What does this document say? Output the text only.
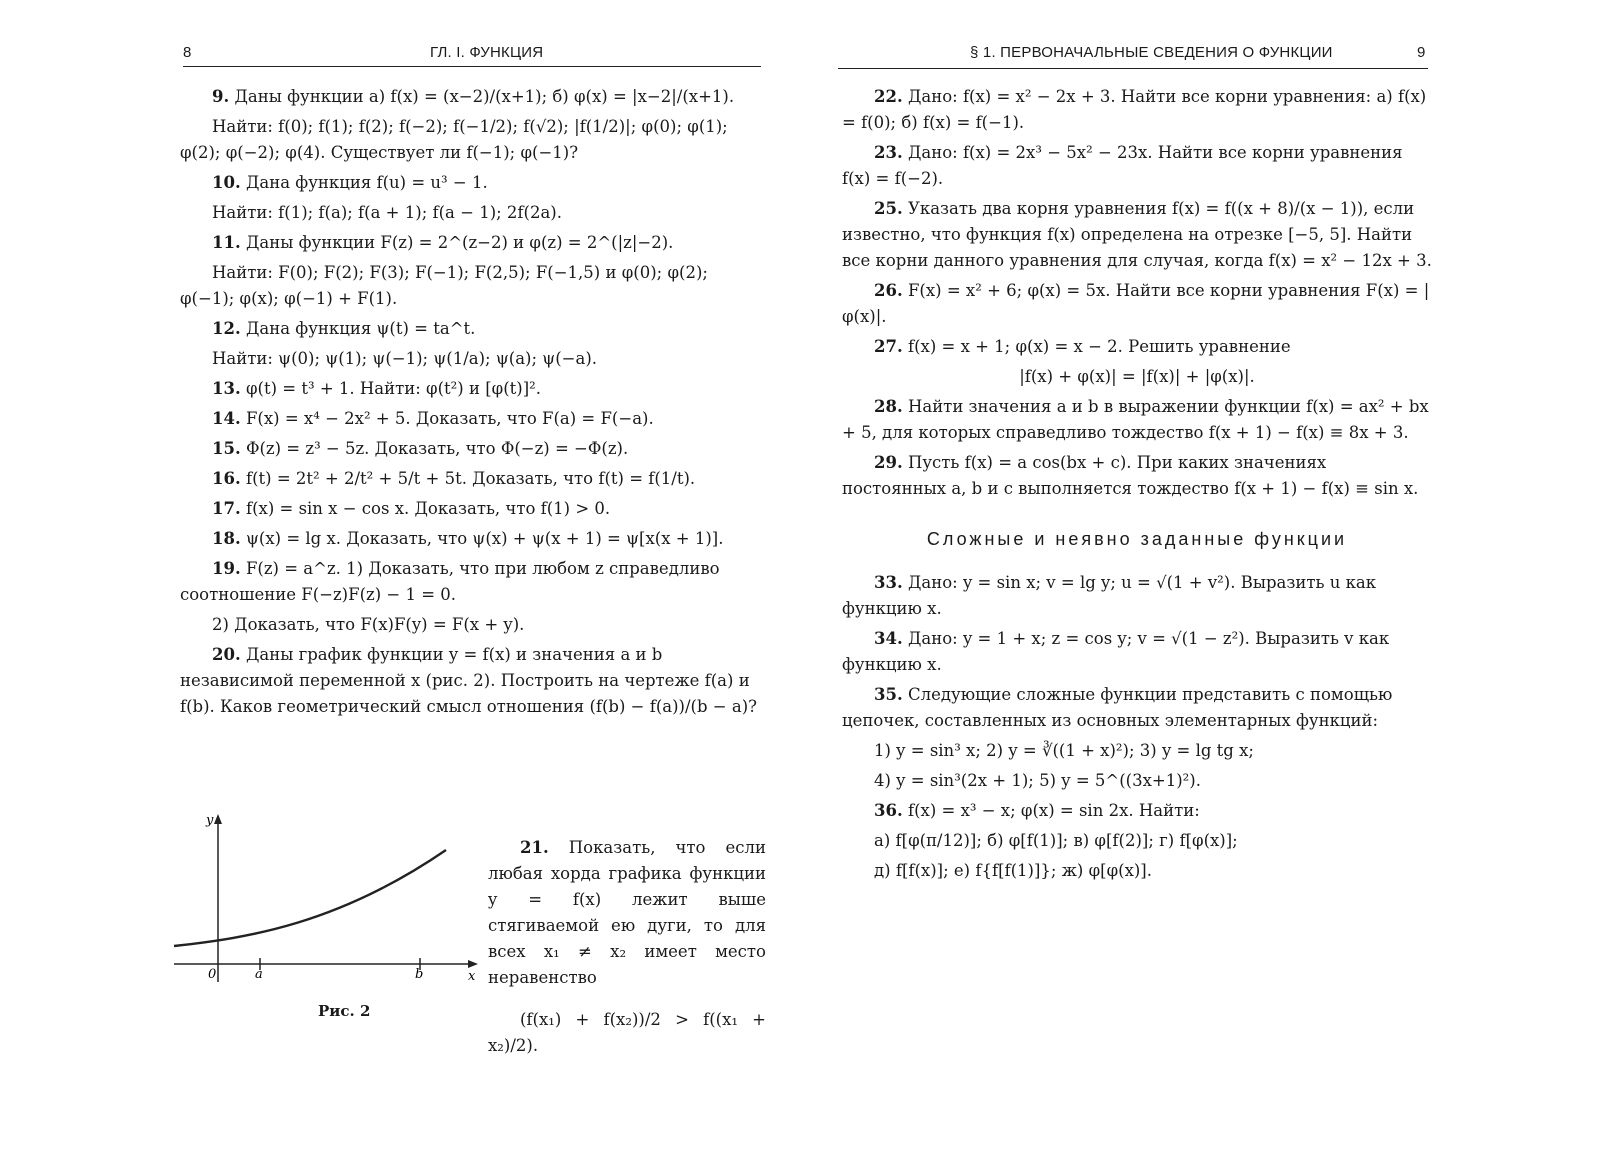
8	ГЛ. I. ФУНКЦИЯ

9. Даны функции а) f(x) = (x−2)/(x+1); б) φ(x) = |x−2|/(x+1).

Найти: f(0); f(1); f(2); f(−2); f(−1/2); f(√2); |f(1/2)|; φ(0); φ(1); φ(2); φ(−2); φ(4). Существует ли f(−1); φ(−1)?

10. Дана функция f(u) = u³ − 1.

Найти: f(1); f(a); f(a + 1); f(a − 1); 2f(2a).

11. Даны функции F(z) = 2^(z−2) и φ(z) = 2^(|z|−2).

Найти: F(0); F(2); F(3); F(−1); F(2,5); F(−1,5) и φ(0); φ(2); φ(−1); φ(x); φ(−1) + F(1).

12. Дана функция ψ(t) = ta^t.

Найти: ψ(0); ψ(1); ψ(−1); ψ(1/a); ψ(a); ψ(−a).

13. φ(t) = t³ + 1. Найти: φ(t²) и [φ(t)]².

14. F(x) = x⁴ − 2x² + 5. Доказать, что F(a) = F(−a).

15. Φ(z) = z³ − 5z. Доказать, что Φ(−z) = −Φ(z).

16. f(t) = 2t² + 2/t² + 5/t + 5t. Доказать, что f(t) = f(1/t).

17. f(x) = sin x − cos x. Доказать, что f(1) > 0.

18. ψ(x) = lg x. Доказать, что ψ(x) + ψ(x + 1) = ψ[x(x + 1)].

19. F(z) = a^z. 1) Доказать, что при любом z справедливо соотношение F(−z)F(z) − 1 = 0.

2) Доказать, что F(x)F(y) = F(x + y).

20. Даны график функции y = f(x) и значения a и b независимой переменной x (рис. 2). Построить на чертеже f(a) и f(b). Каков геометрический смысл отношения (f(b) − f(a))/(b − a)?

y
0	a	b	x
Рис. 2

21. Показать, что если любая хорда графика функции y = f(x) лежит выше стягиваемой ею дуги, то для всех x₁ ≠ x₂ имеет место неравенство

(f(x₁) + f(x₂))/2 > f((x₁ + x₂)/2).

§ 1. ПЕРВОНАЧАЛЬНЫЕ СВЕДЕНИЯ О ФУНКЦИИ	9

22. Дано: f(x) = x² − 2x + 3. Найти все корни уравнения: а) f(x) = f(0); б) f(x) = f(−1).

23. Дано: f(x) = 2x³ − 5x² − 23x. Найти все корни уравнения f(x) = f(−2).

25. Указать два корня уравнения f(x) = f((x + 8)/(x − 1)), если известно, что функция f(x) определена на отрезке [−5, 5]. Найти все корни данного уравнения для случая, когда f(x) = x² − 12x + 3.

26. F(x) = x² + 6; φ(x) = 5x. Найти все корни уравнения F(x) = |φ(x)|.

27. f(x) = x + 1; φ(x) = x − 2. Решить уравнение

|f(x) + φ(x)| = |f(x)| + |φ(x)|.

28. Найти значения a и b в выражении функции f(x) = ax² + bx + 5, для которых справедливо тождество f(x + 1) − f(x) ≡ 8x + 3.

29. Пусть f(x) = a cos(bx + c). При каких значениях постоянных a, b и c выполняется тождество f(x + 1) − f(x) ≡ sin x.

Сложные и неявно заданные функции

33. Дано: y = sin x; v = lg y; u = √(1 + v²). Выразить u как функцию x.

34. Дано: y = 1 + x; z = cos y; v = √(1 − z²). Выразить v как функцию x.

35. Следующие сложные функции представить с помощью цепочек, составленных из основных элементарных функций:

1) y = sin³ x; 2) y = ∛((1 + x)²); 3) y = lg tg x;

4) y = sin³(2x + 1); 5) y = 5^((3x+1)²).

36. f(x) = x³ − x; φ(x) = sin 2x. Найти:

а) f[φ(π/12)]; б) φ[f(1)]; в) φ[f(2)]; г) f[φ(x)];

д) f[f(x)]; е) f{f[f(1)]}; ж) φ[φ(x)].
